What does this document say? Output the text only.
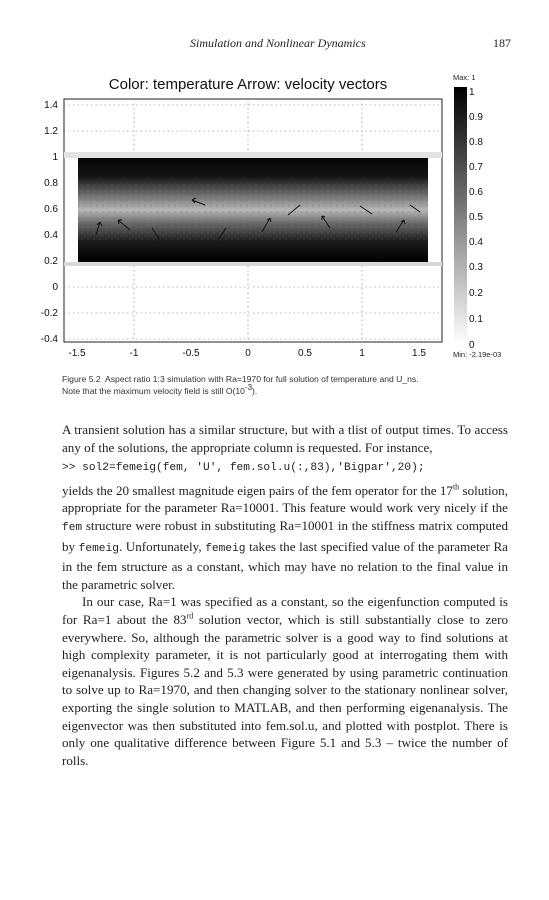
Simulation and Nonlinear Dynamics	187
Color: temperature Arrow: velocity vectors
1.4
1.2
1
0.8
0.6
0.4
0.2
0
-0.2
-0.4
-1.5	-1	-0.5	0	0.5	1	1.5
Max: 1
1
0.9
0.8
0.7
0.6
0.5
0.4
0.3
0.2
0.1
0
Min: -2.19e-03
Figure 5.2 Aspect ratio 1:3 simulation with Ra=1970 for full solution of temperature and U_ns.
Note that the maximum velocity field is still $O(10^{-3})$.

A transient solution has a similar structure, but with a tlist of output times. To access any of the solutions, the appropriate column is requested. For instance,

>> sol2=femeig(fem, 'U', fem.sol.u(:,83),'Bigpar',20);

yields the 20 smallest magnitude eigen pairs of the fem operator for the 17th solution, appropriate for the parameter Ra=10001. This feature would work very nicely if the fem structure were robust in substituting Ra=10001 in the stiffness matrix computed by femeig. Unfortunately, femeig takes the last specified value of the parameter Ra in the fem structure as a constant, which may have no relation to the final value in the parametric solver.

In our case, Ra=1 was specified as a constant, so the eigenfunction computed is for Ra=1 about the 83rd solution vector, which is still substantially close to zero everywhere. So, although the parametric solver is a good way to find solutions at high complexity parameter, it is not particularly good at interrogating them with eigenanalysis. Figures 5.2 and 5.3 were generated by using parametric continuation to solve up to Ra=1970, and then changing solver to the stationary nonlinear solver, exporting the single solution to MATLAB, and then performing eigenanalysis. The eigenvector was then substituted into fem.sol.u, and plotted with postplot. There is only one qualitative difference between Figure 5.1 and 5.3 – twice the number of rolls.
